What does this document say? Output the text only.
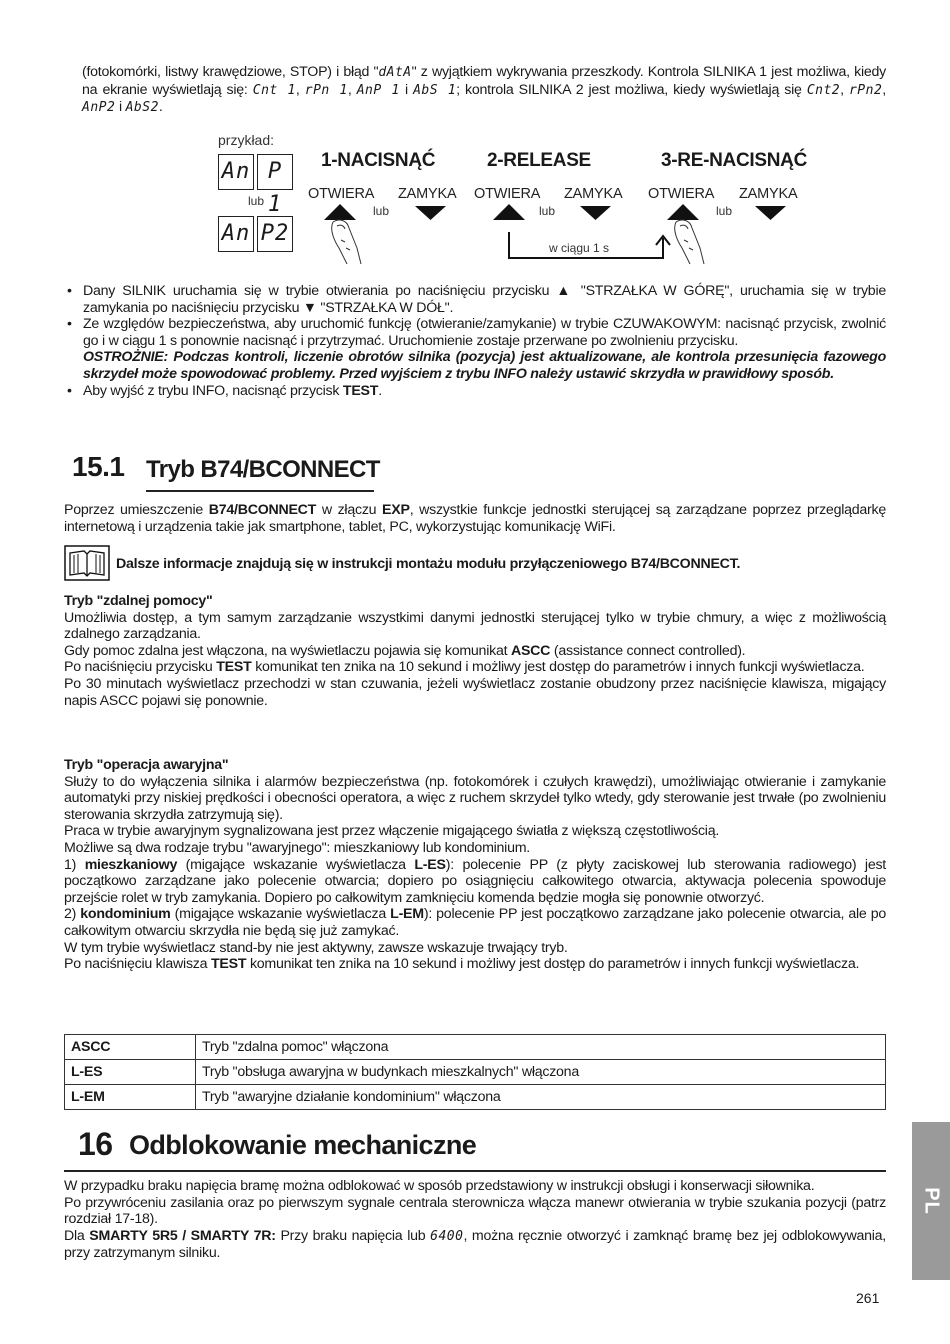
(fotokomórki, listwy krawędziowe, STOP) i błąd "dAtA" z wyjątkiem wykrywania przeszkody. Kontrola SILNIKA 1 jest możliwa, kiedy na ekranie wyświetlają się: Cnt 1, rPn 1, AnP 1 i AbS 1; kontrola SILNIKA 2 jest możliwa, kiedy wyświetlają się Cnt2, rPn2, AnP2 i AbS2.
przykład:
An P 1
lub
An P2
1-NACISNĄĆ	2-RELEASE	3-RE-NACISNĄĆ
OTWIERA ZAMYKA OTWIERA ZAMYKA OTWIERA ZAMYKA
lub	lub	lub
w ciągu 1 s
• Dany SILNIK uruchamia się w trybie otwierania po naciśnięciu przycisku ▲ "STRZAŁKA W GÓRĘ", uruchamia się w trybie zamykania po naciśnięciu przycisku ▼ "STRZAŁKA W DÓŁ".
• Ze względów bezpieczeństwa, aby uruchomić funkcję (otwieranie/zamykanie) w trybie CZUWAKOWYM: nacisnąć przycisk, zwolnić go i w ciągu 1 s ponownie nacisnąć i przytrzymać. Uruchomienie zostaje przerwane po zwolnieniu przycisku.
OSTROŻNIE: Podczas kontroli, liczenie obrotów silnika (pozycja) jest aktualizowane, ale kontrola przesunięcia fazowego skrzydeł może spowodować problemy. Przed wyjściem z trybu INFO należy ustawić skrzydła w prawidłowy sposób.
• Aby wyjść z trybu INFO, nacisnąć przycisk TEST.
15.1 Tryb B74/BCONNECT
Poprzez umieszczenie B74/BCONNECT w złączu EXP, wszystkie funkcje jednostki sterującej są zarządzane poprzez przeglądarkę internetową i urządzenia takie jak smartphone, tablet, PC, wykorzystując komunikację WiFi.
Dalsze informacje znajdują się w instrukcji montażu modułu przyłączeniowego B74/BCONNECT.
Tryb "zdalnej pomocy"
Umożliwia dostęp, a tym samym zarządzanie wszystkimi danymi jednostki sterującej tylko w trybie chmury, a więc z możliwością zdalnego zarządzania.
Gdy pomoc zdalna jest włączona, na wyświetlaczu pojawia się komunikat ASCC (assistance connect controlled).
Po naciśnięciu przycisku TEST komunikat ten znika na 10 sekund i możliwy jest dostęp do parametrów i innych funkcji wyświetlacza.
Po 30 minutach wyświetlacz przechodzi w stan czuwania, jeżeli wyświetlacz zostanie obudzony przez naciśnięcie klawisza, migający napis ASCC pojawi się ponownie.
Tryb "operacja awaryjna"
Służy to do wyłączenia silnika i alarmów bezpieczeństwa (np. fotokomórek i czułych krawędzi), umożliwiając otwieranie i zamykanie automatyki przy niskiej prędkości i obecności operatora, a więc z ruchem skrzydeł tylko wtedy, gdy sterowanie jest trwałe (po zwolnieniu sterowania skrzydła zatrzymują się).
Praca w trybie awaryjnym sygnalizowana jest przez włączenie migającego światła z większą częstotliwością.
Możliwe są dwa rodzaje trybu "awaryjnego": mieszkaniowy lub kondominium.
1) mieszkaniowy (migające wskazanie wyświetlacza L-ES): polecenie PP (z płyty zaciskowej lub sterowania radiowego) jest początkowo zarządzane jako polecenie otwarcia; dopiero po osiągnięciu całkowitego otwarcia, aktywacja polecenia spowoduje przejście rolet w tryb zamykania. Dopiero po całkowitym zamknięciu komenda będzie mogła się ponownie otworzyć.
2) kondominium (migające wskazanie wyświetlacza L-EM): polecenie PP jest początkowo zarządzane jako polecenie otwarcia, ale po całkowitym otwarciu skrzydła nie będą się już zamykać.
W tym trybie wyświetlacz stand-by nie jest aktywny, zawsze wskazuje trwający tryb.
Po naciśnięciu klawisza TEST komunikat ten znika na 10 sekund i możliwy jest dostęp do parametrów i innych funkcji wyświetlacza.
ASCC	Tryb "zdalna pomoc" włączona
L-ES	Tryb "obsługa awaryjna w budynkach mieszkalnych" włączona
L-EM	Tryb "awaryjne działanie kondominium" włączona
16 Odblokowanie mechaniczne
W przypadku braku napięcia bramę można odblokować w sposób przedstawiony w instrukcji obsługi i konserwacji siłownika.
Po przywróceniu zasilania oraz po pierwszym sygnale centrala sterownicza włącza manewr otwierania w trybie szukania pozycji (patrz rozdział 17-18).
Dla SMARTY 5R5 / SMARTY 7R: Przy braku napięcia lub 6400, można ręcznie otworzyć i zamknąć bramę bez jej odblokowywania, przy zatrzymanym silniku.
PL
261
